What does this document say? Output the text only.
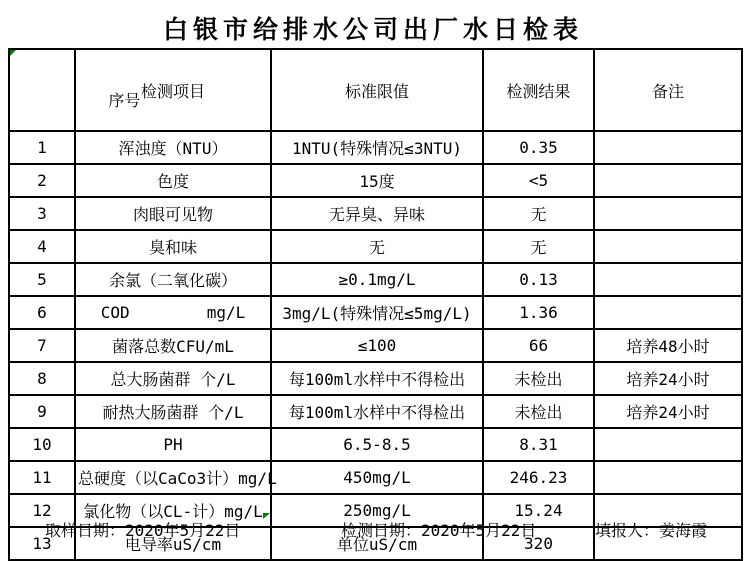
白银市给排水公司出厂水日检表

序号	检测项目	标准限值	检测结果	备注
1	浑浊度（NTU）	1NTU(特殊情况≤3NTU)	0.35	
2	色度	15度	<5	
3	肉眼可见物	无异臭、异味	无	
4	臭和味	无	无	
5	余氯（二氧化碳）	≥0.1mg/L	0.13	
6	COD        mg/L	3mg/L(特殊情况≤5mg/L)	1.36	
7	菌落总数CFU/mL	≤100	66	培养48小时
8	总大肠菌群 个/L	每100ml水样中不得检出	未检出	培养24小时
9	耐热大肠菌群 个/L	每100ml水样中不得检出	未检出	培养24小时
10	PH	6.5-8.5	8.31	
11	总硬度（以CaCo3计）mg/L	450mg/L	246.23	
12	氯化物（以CL-计）mg/L	250mg/L	15.24	
13	电导率uS/cm	单位uS/cm	320	
取样日期：2020年5月22日	检测日期：2020年5月22日	填报人：姜海霞
